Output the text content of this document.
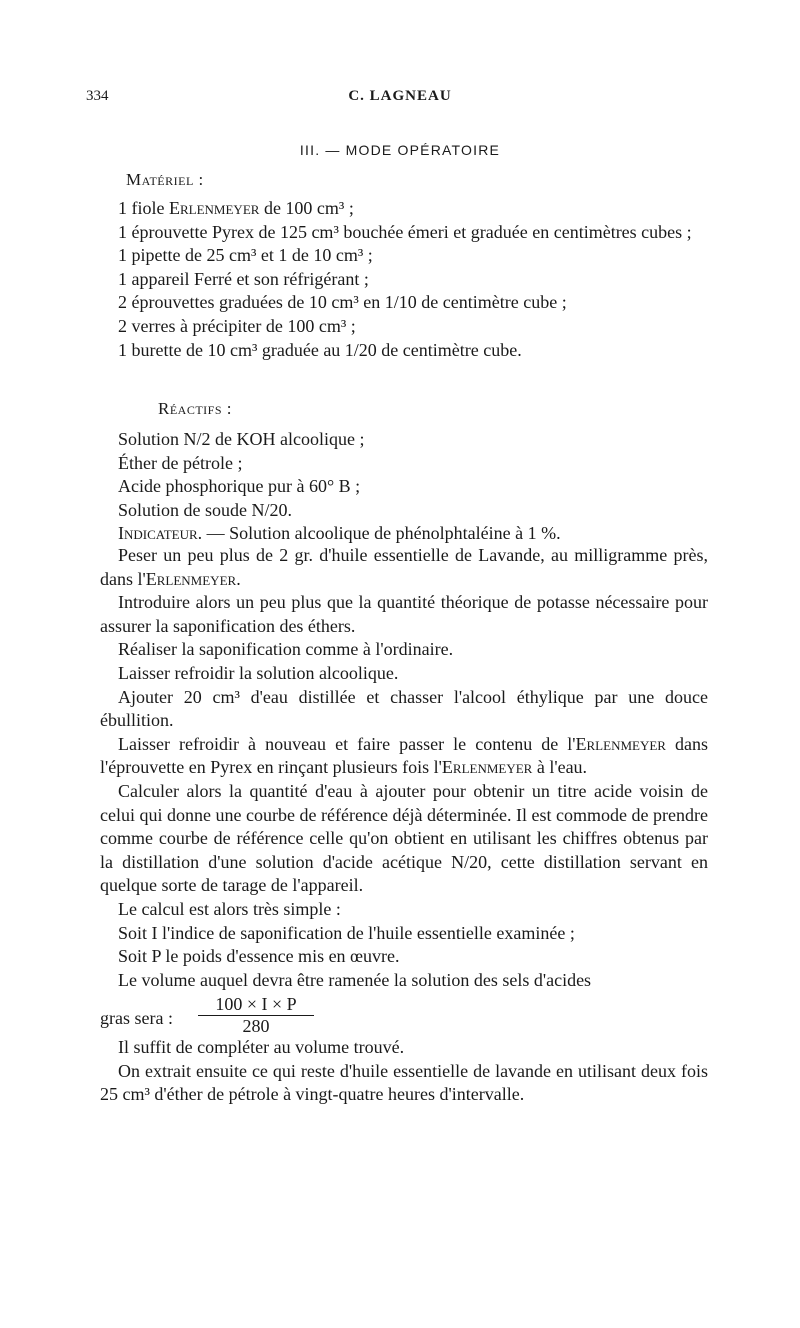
334	C. LAGNEAU
III. — MODE OPÉRATOIRE
Matériel :
1 fiole Erlenmeyer de 100 cm³ ;
1 éprouvette Pyrex de 125 cm³ bouchée émeri et graduée en centimètres cubes ;
1 pipette de 25 cm³ et 1 de 10 cm³ ;
1 appareil Ferré et son réfrigérant ;
2 éprouvettes graduées de 10 cm³ en 1/10 de centimètre cube ;
2 verres à précipiter de 100 cm³ ;
1 burette de 10 cm³ graduée au 1/20 de centimètre cube.
Réactifs :
Solution N/2 de KOH alcoolique ;
Éther de pétrole ;
Acide phosphorique pur à 60° B ;
Solution de soude N/20.
Indicateur. — Solution alcoolique de phénolphtaléine à 1 %.

Peser un peu plus de 2 gr. d'huile essentielle de Lavande, au milligramme près, dans l'Erlenmeyer.

Introduire alors un peu plus que la quantité théorique de potasse nécessaire pour assurer la saponification des éthers.

Réaliser la saponification comme à l'ordinaire.

Laisser refroidir la solution alcoolique.

Ajouter 20 cm³ d'eau distillée et chasser l'alcool éthylique par une douce ébullition.

Laisser refroidir à nouveau et faire passer le contenu de l'Erlenmeyer dans l'éprouvette en Pyrex en rinçant plusieurs fois l'Erlenmeyer à l'eau.

Calculer alors la quantité d'eau à ajouter pour obtenir un titre acide voisin de celui qui donne une courbe de référence déjà déterminée. Il est commode de prendre comme courbe de référence celle qu'on obtient en utilisant les chiffres obtenus par la distillation d'une solution d'acide acétique N/20, cette distillation servant en quelque sorte de tarage de l'appareil.

Le calcul est alors très simple :

Soit I l'indice de saponification de l'huile essentielle examinée ;

Soit P le poids d'essence mis en œuvre.

Le volume auquel devra être ramenée la solution des sels d'acides

gras sera : $\frac{100 \times I \times P}{280}$

Il suffit de compléter au volume trouvé.

On extrait ensuite ce qui reste d'huile essentielle de lavande en utilisant deux fois 25 cm³ d'éther de pétrole à vingt-quatre heures d'intervalle.
